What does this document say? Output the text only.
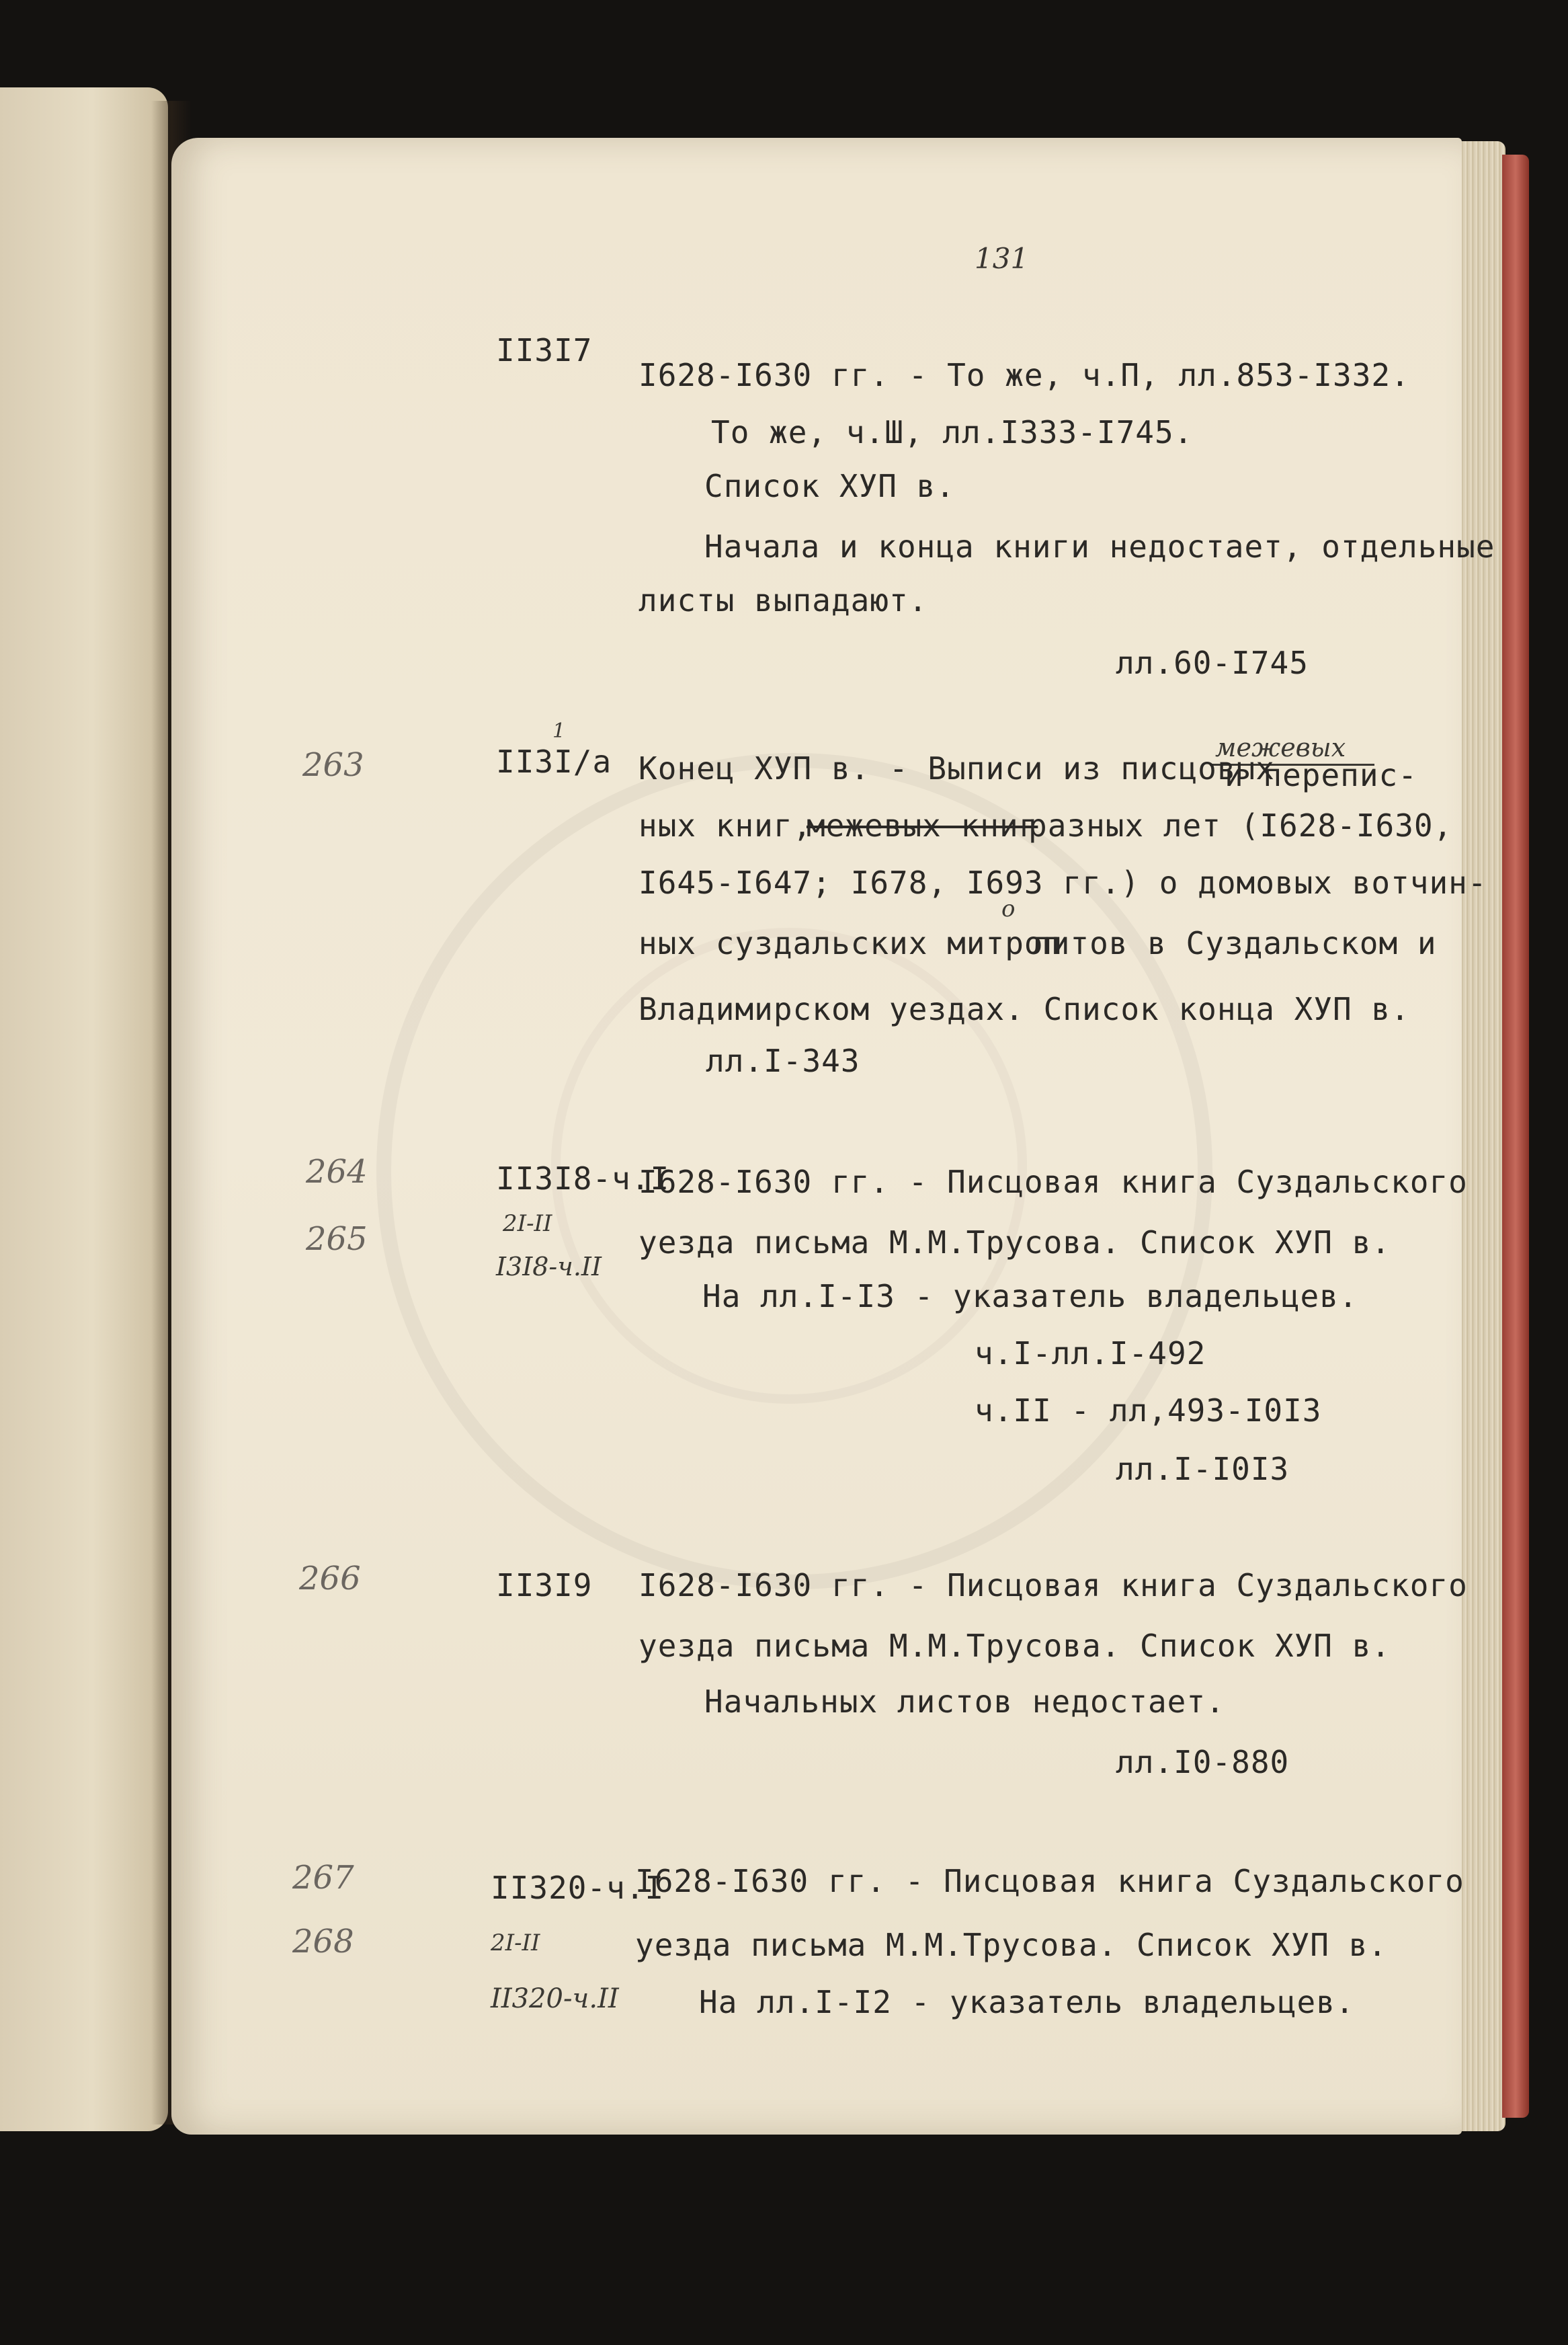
131
II3I7
I628-I630 гг. - То же, ч.П, лл.853-I332.
То же, ч.Ш, лл.I333-I745.
Список ХУП в.
Начала и конца книги недостает, отдельные
листы выпадают.
лл.60-I745
263	II3I/а
1
межевых
Конец ХУП в. - Выписи из писцовых
и перепис-
ных книг,
межевых книг
разных лет (I628-I630,
I645-I647; I678, I693 гг.) о домовых вотчин-
ных суздальских митроп
о
литов в Суздальском и
Владимирском уездах. Список конца ХУП в.
лл.I-343
264
265
II3I8-ч.I
2I-II
I3I8-ч.II
I628-I630 гг. - Писцовая книга Суздальского
уезда письма М.М.Трусова. Список ХУП в.
На лл.I-I3 - указатель владельцев.
ч.I-лл.I-492
ч.II - лл,493-I0I3
лл.I-I0I3
266	II3I9 I628-I630 гг. - Писцовая книга Суздальского
уезда письма М.М.Трусова. Список ХУП в.
Начальных листов недостает.
лл.I0-880
267
268
II320-ч.I
2I-II
II320-ч.II
I628-I630 гг. - Писцовая книга Суздальского
уезда письма М.М.Трусова. Список ХУП в.
На лл.I-I2 - указатель владельцев.
